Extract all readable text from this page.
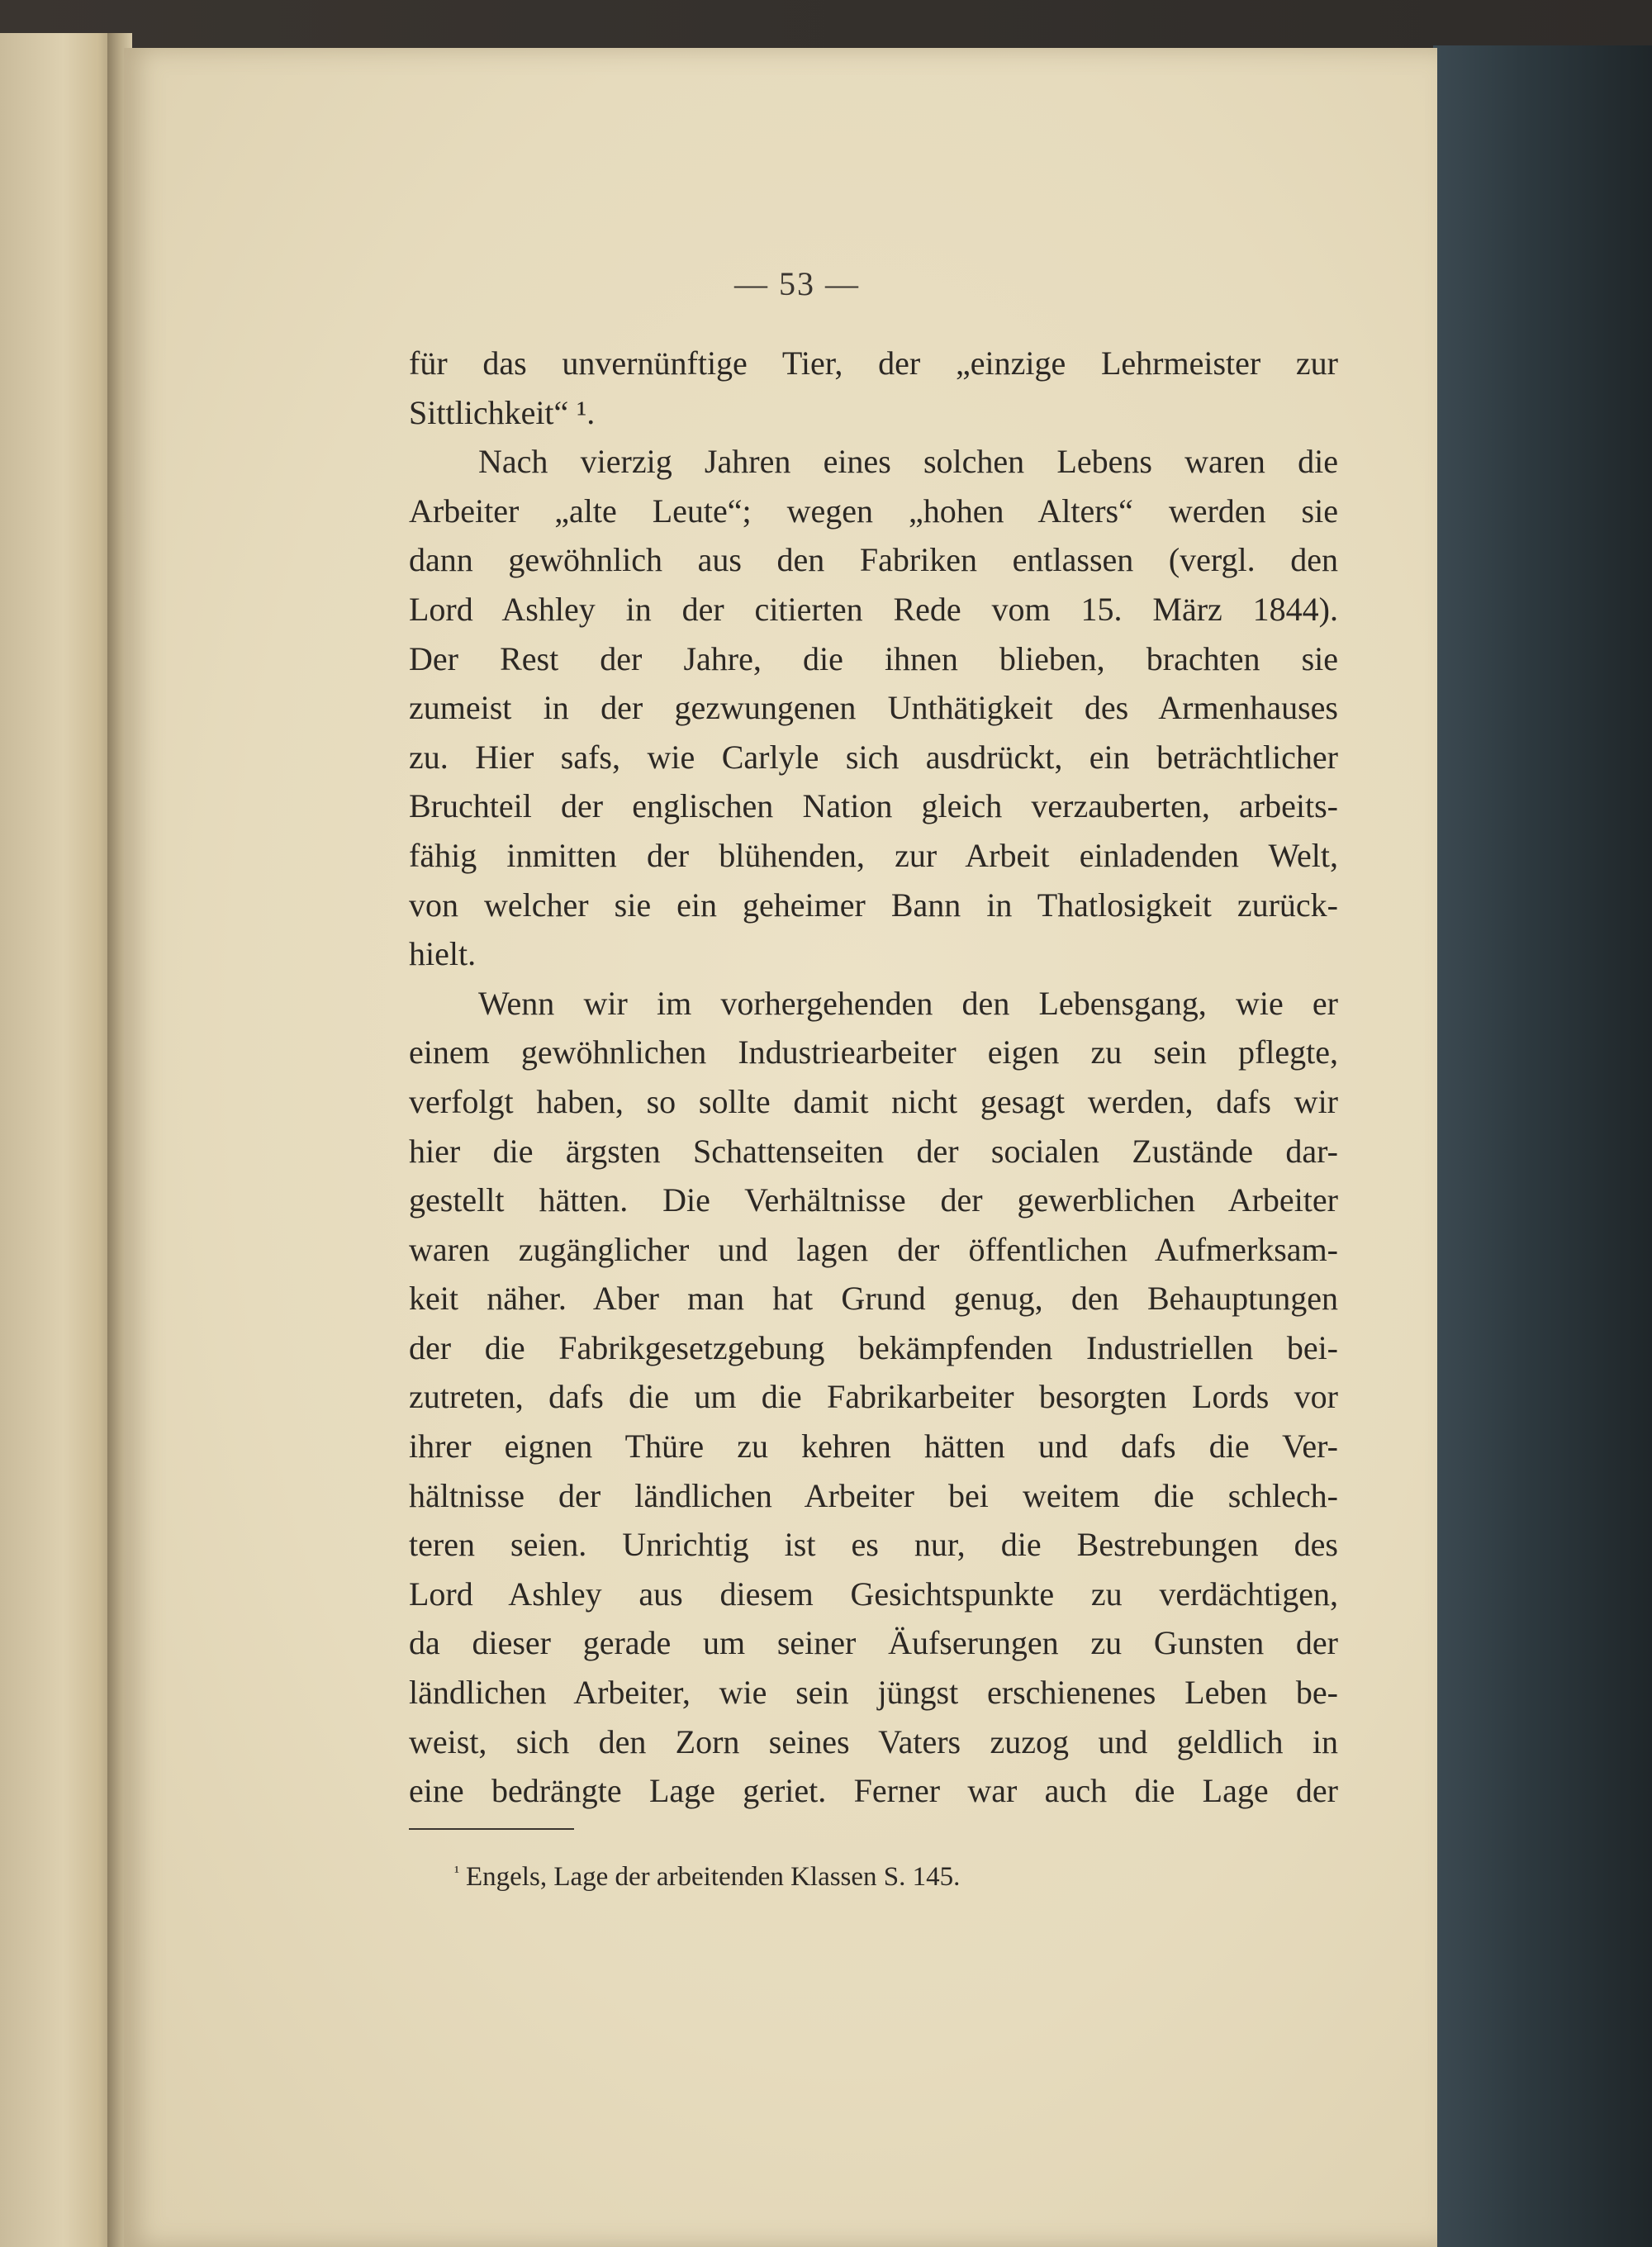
— 53 —
für das unvernünftige Tier, der „einzige Lehrmeister zur
Sittlichkeit“ ¹.
Nach vierzig Jahren eines solchen Lebens waren die
Arbeiter „alte Leute“; wegen „hohen Alters“ werden sie
dann gewöhnlich aus den Fabriken entlassen (vergl. den
Lord Ashley in der citierten Rede vom 15. März 1844).
Der Rest der Jahre, die ihnen blieben, brachten sie
zumeist in der gezwungenen Unthätigkeit des Armenhauses
zu. Hier safs, wie Carlyle sich ausdrückt, ein beträchtlicher
Bruchteil der englischen Nation gleich verzauberten, arbeits-
fähig inmitten der blühenden, zur Arbeit einladenden Welt,
von welcher sie ein geheimer Bann in Thatlosigkeit zurück-
hielt.
Wenn wir im vorhergehenden den Lebensgang, wie er
einem gewöhnlichen Industriearbeiter eigen zu sein pflegte,
verfolgt haben, so sollte damit nicht gesagt werden, dafs wir
hier die ärgsten Schattenseiten der socialen Zustände dar-
gestellt hätten. Die Verhältnisse der gewerblichen Arbeiter
waren zugänglicher und lagen der öffentlichen Aufmerksam-
keit näher. Aber man hat Grund genug, den Behauptungen
der die Fabrikgesetzgebung bekämpfenden Industriellen bei-
zutreten, dafs die um die Fabrikarbeiter besorgten Lords vor
ihrer eignen Thüre zu kehren hätten und dafs die Ver-
hältnisse der ländlichen Arbeiter bei weitem die schlech-
teren seien. Unrichtig ist es nur, die Bestrebungen des
Lord Ashley aus diesem Gesichtspunkte zu verdächtigen,
da dieser gerade um seiner Äufserungen zu Gunsten der
ländlichen Arbeiter, wie sein jüngst erschienenes Leben be-
weist, sich den Zorn seines Vaters zuzog und geldlich in
eine bedrängte Lage geriet. Ferner war auch die Lage der
$^{^1}$ Engels, Lage der arbeitenden Klassen S. 145.
